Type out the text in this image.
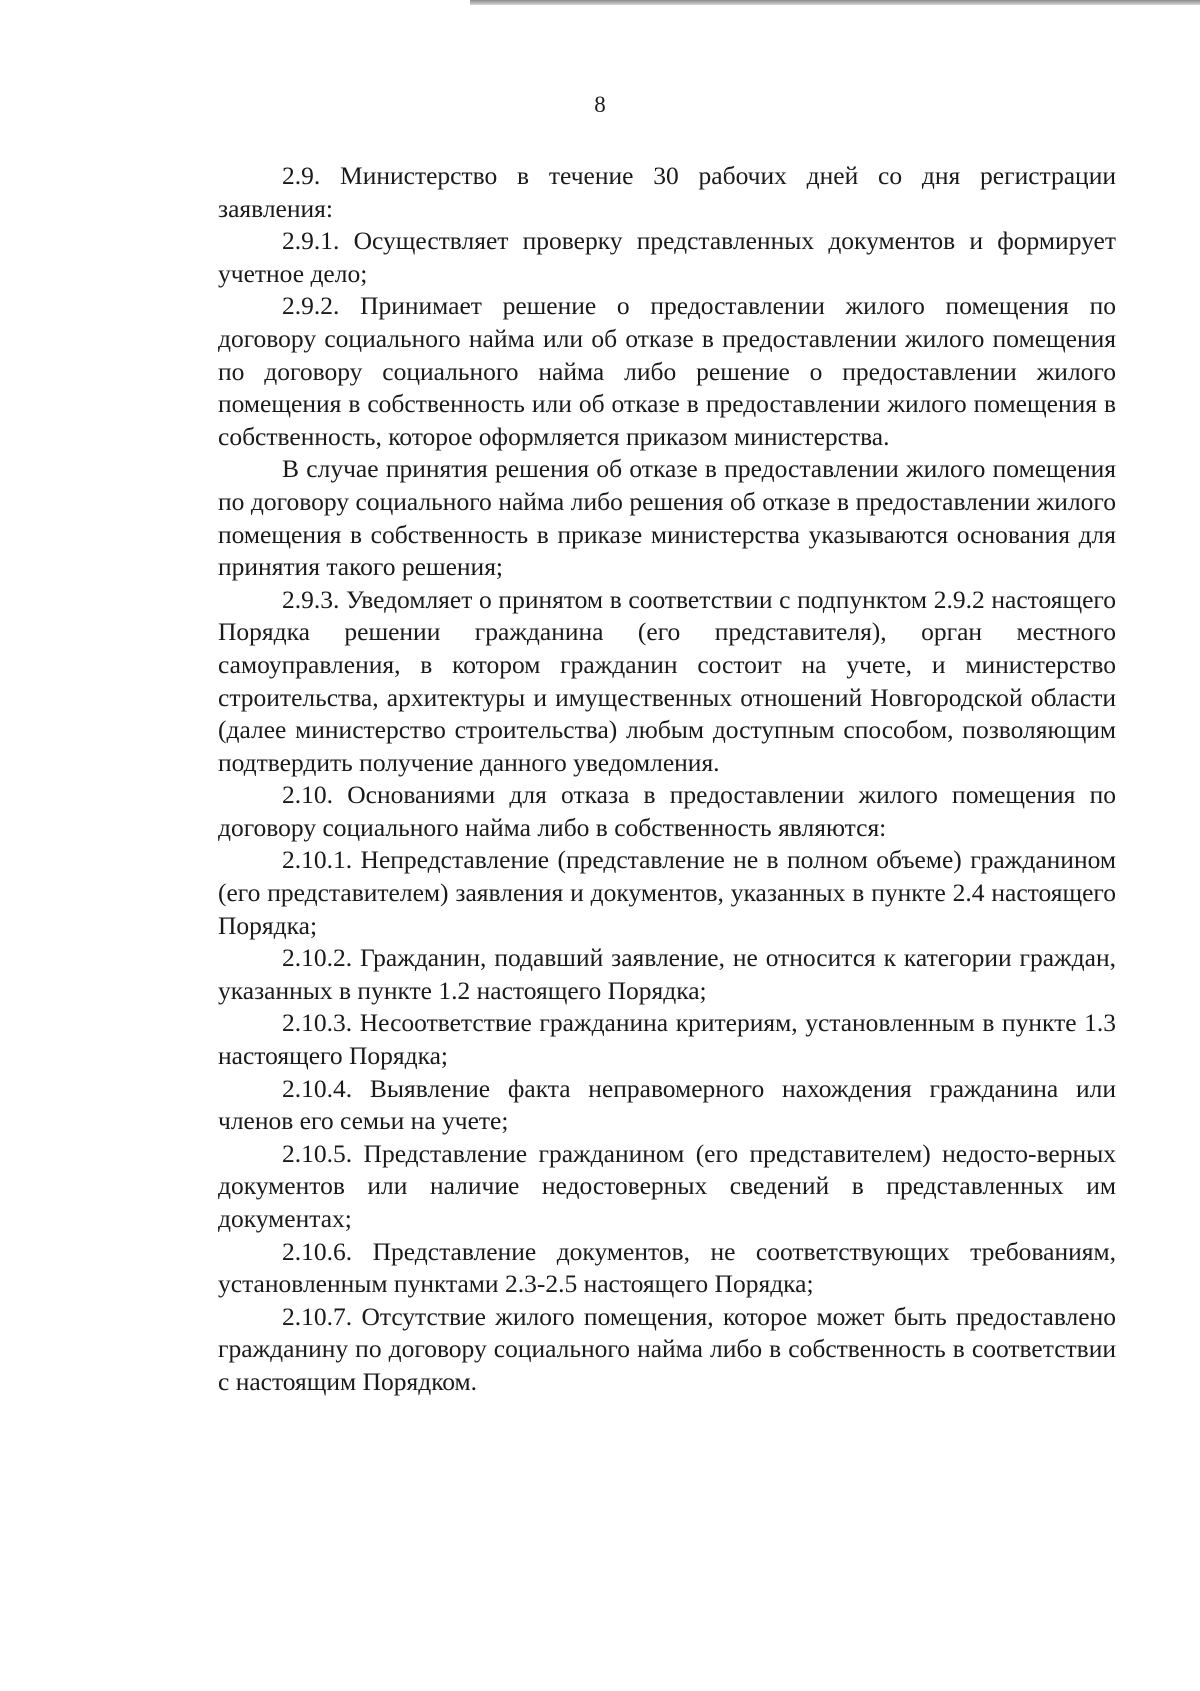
8

2.9. Министерство в течение 30 рабочих дней со дня регистрации заявления:

2.9.1. Осуществляет проверку представленных документов и формирует учетное дело;

2.9.2. Принимает решение о предоставлении жилого помещения по договору социального найма или об отказе в предоставлении жилого помещения по договору социального найма либо решение о предоставлении жилого помещения в собственность или об отказе в предоставлении жилого помещения в собственность, которое оформляется приказом министерства.

В случае принятия решения об отказе в предоставлении жилого помещения по договору социального найма либо решения об отказе в предоставлении жилого помещения в собственность в приказе министерства указываются основания для принятия такого решения;

2.9.3. Уведомляет о принятом в соответствии с подпунктом 2.9.2 настоящего Порядка решении гражданина (его представителя), орган местного самоуправления, в котором гражданин состоит на учете, и министерство строительства, архитектуры и имущественных отношений Новгородской области (далее министерство строительства) любым доступным способом, позволяющим подтвердить получение данного уведомления.

2.10. Основаниями для отказа в предоставлении жилого помещения по договору социального найма либо в собственность являются:

2.10.1. Непредставление (представление не в полном объеме) гражданином (его представителем) заявления и документов, указанных в пункте 2.4 настоящего Порядка;

2.10.2. Гражданин, подавший заявление, не относится к категории граждан, указанных в пункте 1.2 настоящего Порядка;

2.10.3. Несоответствие гражданина критериям, установленным в пункте 1.3 настоящего Порядка;

2.10.4. Выявление факта неправомерного нахождения гражданина или членов его семьи на учете;

2.10.5. Представление гражданином (его представителем) недосто-верных документов или наличие недостоверных сведений в представленных им документах;

2.10.6. Представление документов, не соответствующих требованиям, установленным пунктами 2.3-2.5 настоящего Порядка;

2.10.7. Отсутствие жилого помещения, которое может быть предоставлено гражданину по договору социального найма либо в собственность в соответствии с настоящим Порядком.
